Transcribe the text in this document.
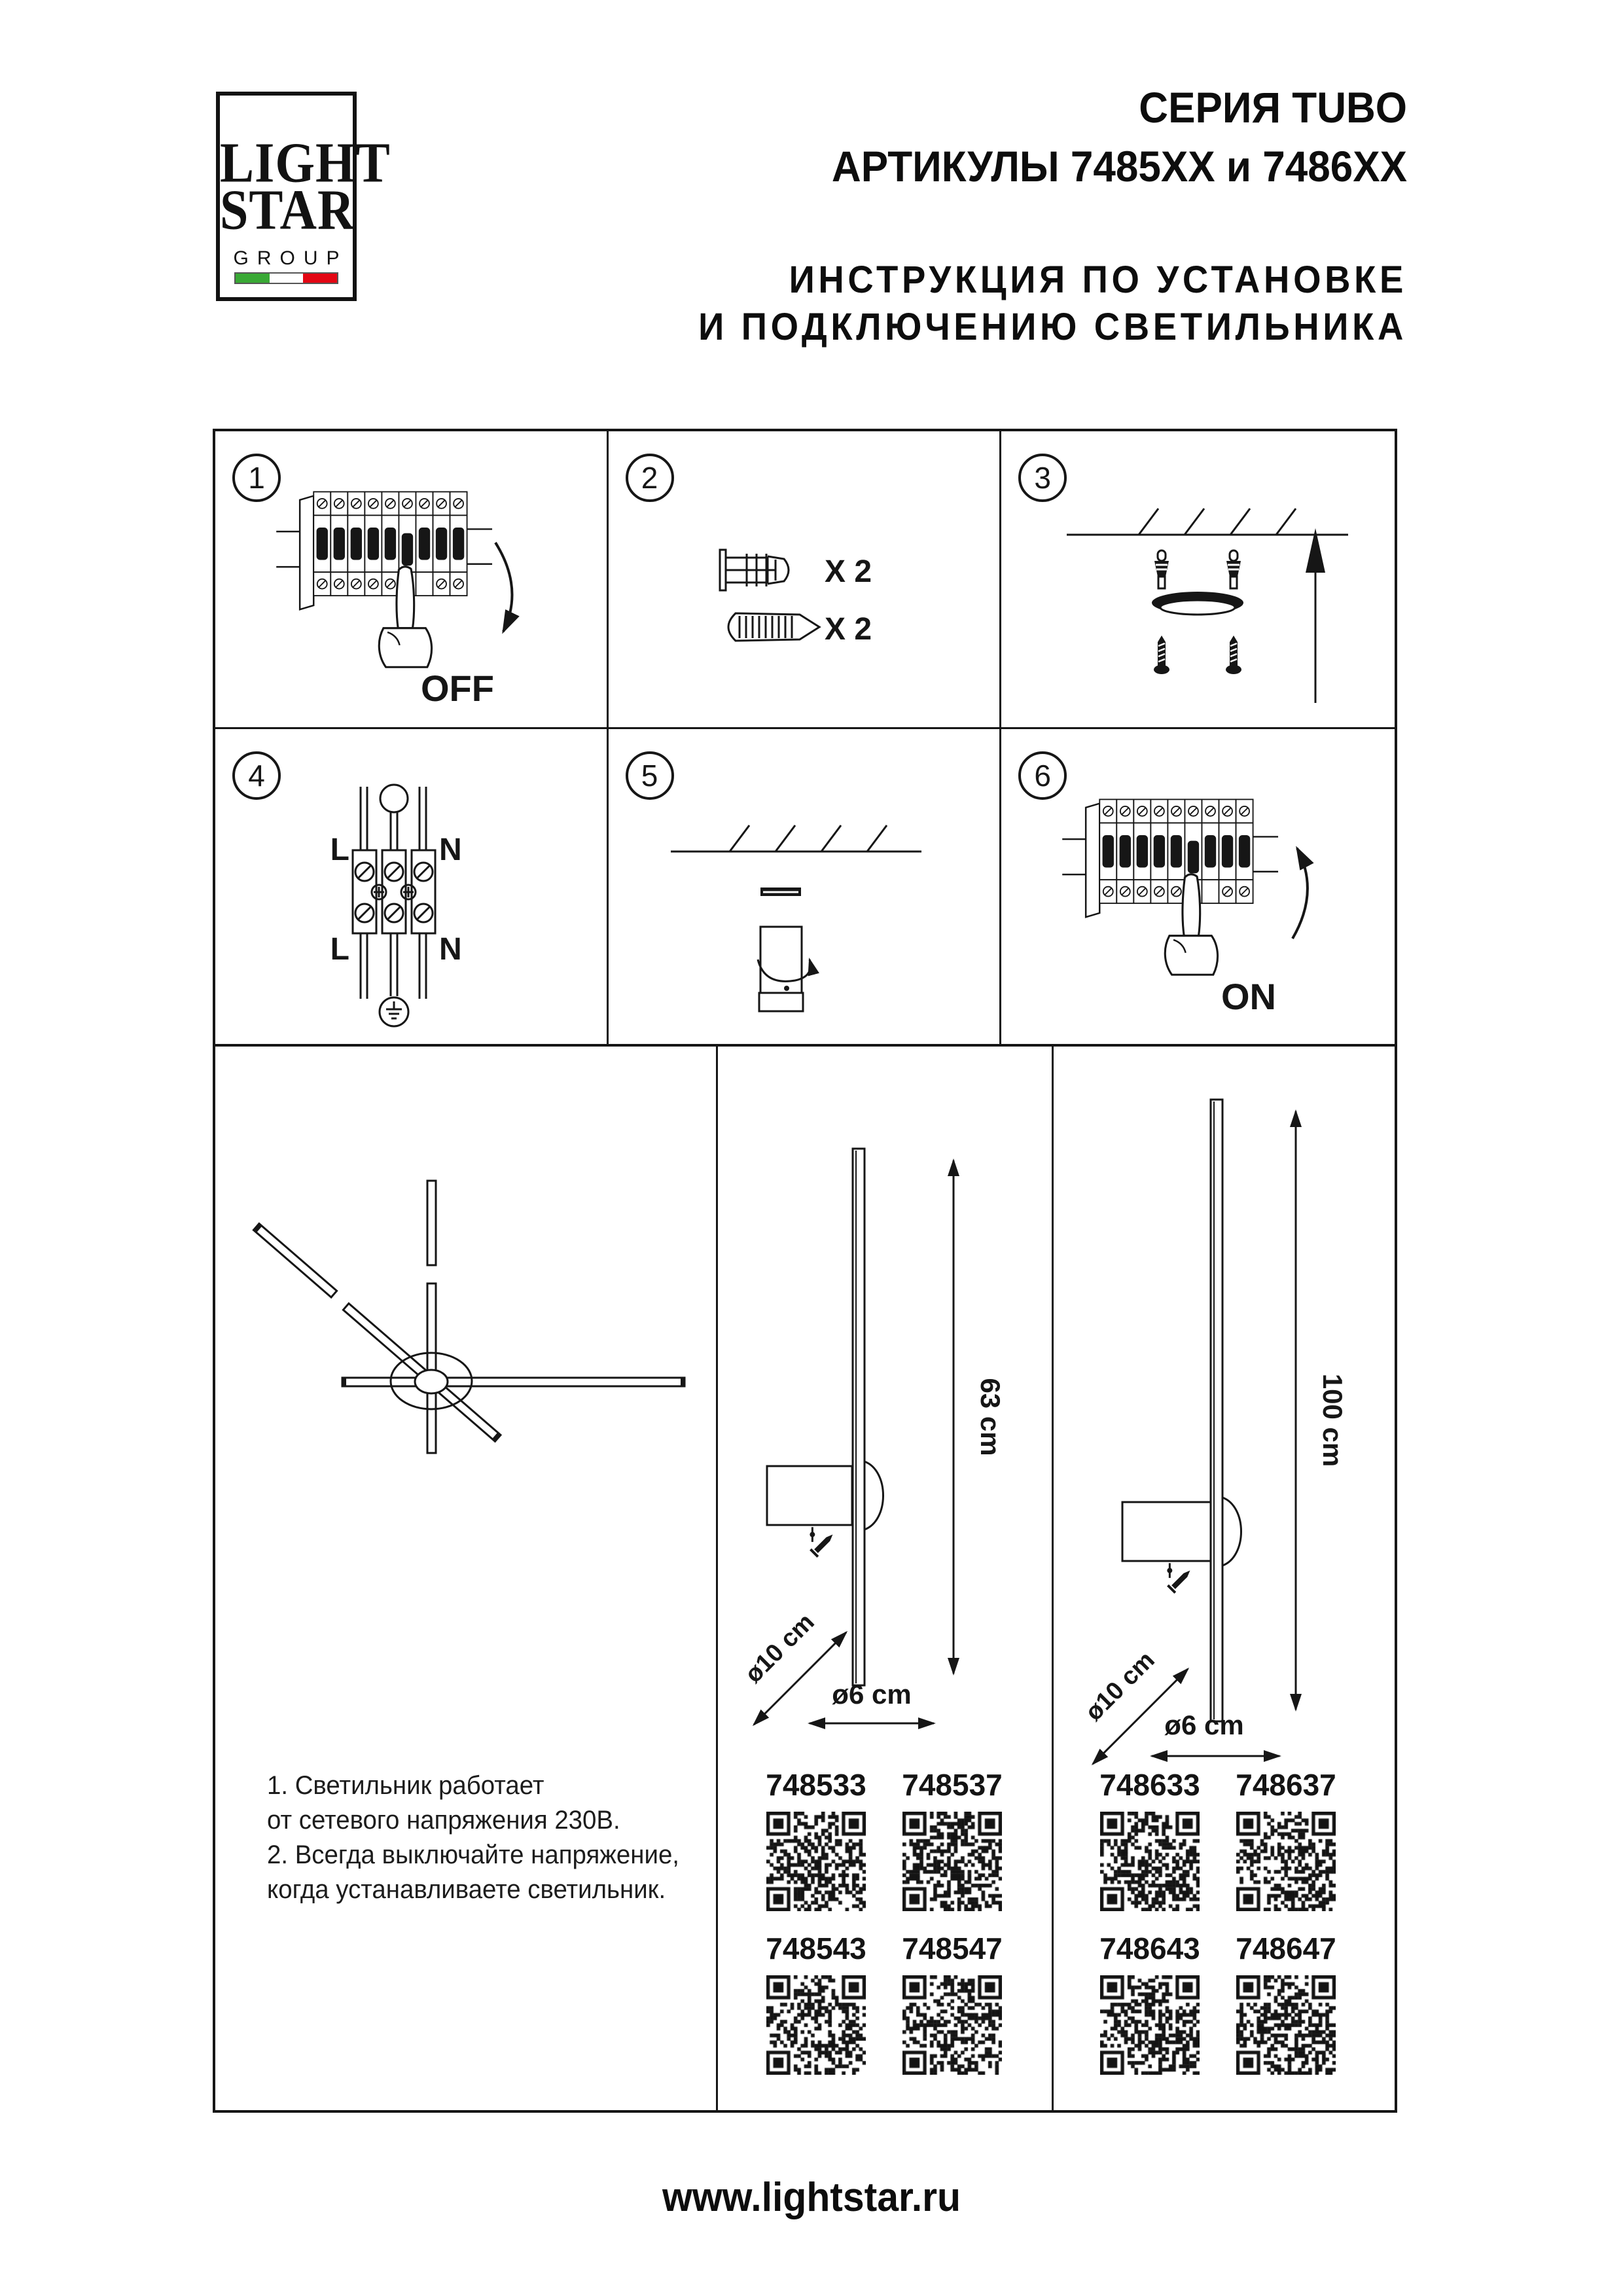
LIGHT
STAR
GROUP
СЕРИЯ TUBO
АРТИКУЛЫ 7485ХХ и 7486ХХ
ИНСТРУКЦИЯ ПО УСТАНОВКЕ
И ПОДКЛЮЧЕНИЮ СВЕТИЛЬНИКА
1
OFF
2
X 2
X 2
3
4
L	N
L	N
5	6
ON
1. Светильник работает
от сетевого напряжения 230В.
2. Всегда выключайте напряжение,
когда устанавливаете светильник.
63 cm
ø10 cm
ø6 cm
100 cm
ø10 cm ø6 cm
748533	748537
748543	748547
748633	748637
748643	748647
www.lightstar.ru
